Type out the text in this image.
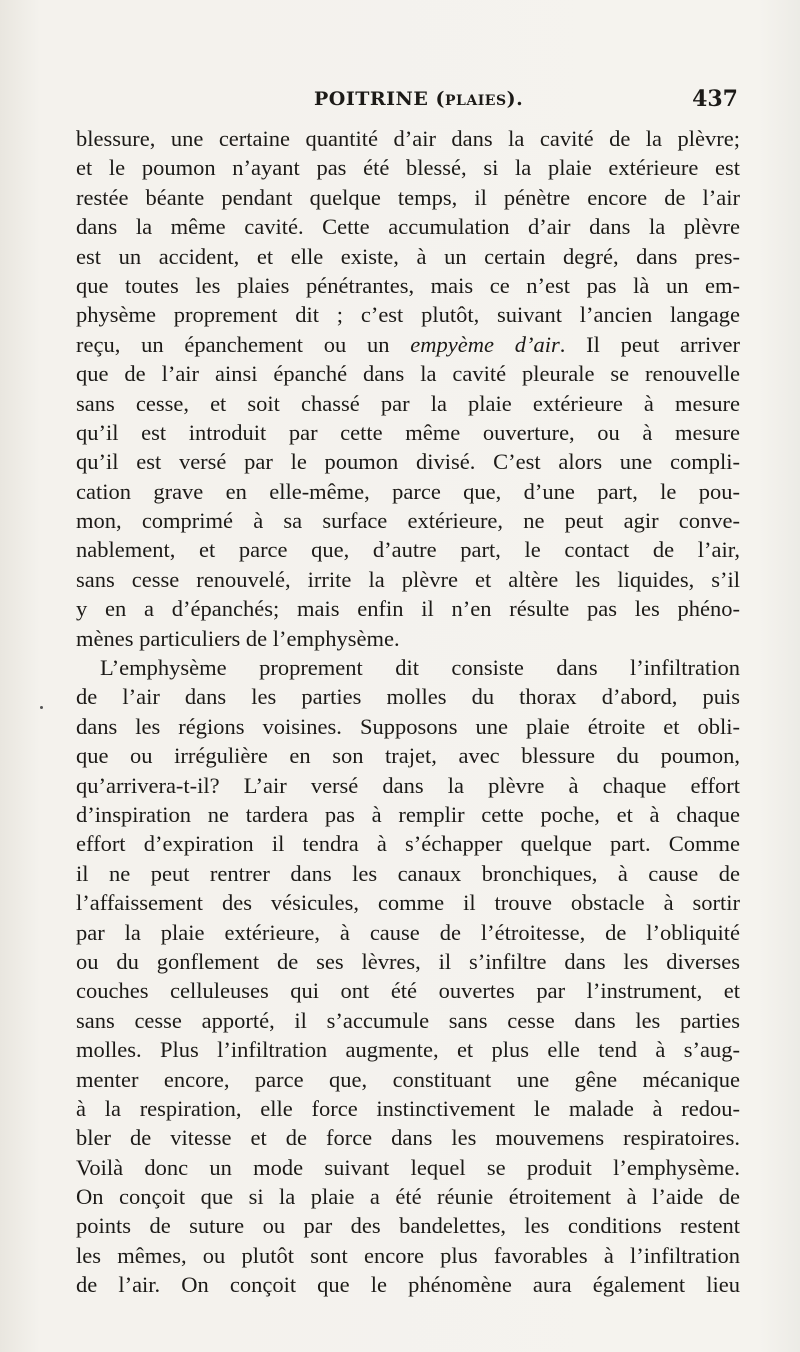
POITRINE (PLAIES).	437
blessure, une certaine quantité d’air dans la cavité de la plèvre;
et le poumon n’ayant pas été blessé, si la plaie extérieure est
restée béante pendant quelque temps, il pénètre encore de l’air
dans la même cavité. Cette accumulation d’air dans la plèvre
est un accident, et elle existe, à un certain degré, dans pres-
que toutes les plaies pénétrantes, mais ce n’est pas là un em-
physème proprement dit ; c’est plutôt, suivant l’ancien langage
reçu, un épanchement ou un empyème d’air. Il peut arriver
que de l’air ainsi épanché dans la cavité pleurale se renouvelle
sans cesse, et soit chassé par la plaie extérieure à mesure
qu’il est introduit par cette même ouverture, ou à mesure
qu’il est versé par le poumon divisé. C’est alors une compli-
cation grave en elle-même, parce que, d’une part, le pou-
mon, comprimé à sa surface extérieure, ne peut agir conve-
nablement, et parce que, d’autre part, le contact de l’air,
sans cesse renouvelé, irrite la plèvre et altère les liquides, s’il
y en a d’épanchés; mais enfin il n’en résulte pas les phéno-
mènes particuliers de l’emphysème.
L’emphysème proprement dit consiste dans l’infiltration
de l’air dans les parties molles du thorax d’abord, puis
dans les régions voisines. Supposons une plaie étroite et obli-
que ou irrégulière en son trajet, avec blessure du poumon,
qu’arrivera-t-il? L’air versé dans la plèvre à chaque effort
d’inspiration ne tardera pas à remplir cette poche, et à chaque
effort d’expiration il tendra à s’échapper quelque part. Comme
il ne peut rentrer dans les canaux bronchiques, à cause de
l’affaissement des vésicules, comme il trouve obstacle à sortir
par la plaie extérieure, à cause de l’étroitesse, de l’obliquité
ou du gonflement de ses lèvres, il s’infiltre dans les diverses
couches celluleuses qui ont été ouvertes par l’instrument, et
sans cesse apporté, il s’accumule sans cesse dans les parties
molles. Plus l’infiltration augmente, et plus elle tend à s’aug-
menter encore, parce que, constituant une gêne mécanique
à la respiration, elle force instinctivement le malade à redou-
bler de vitesse et de force dans les mouvemens respiratoires.
Voilà donc un mode suivant lequel se produit l’emphysème.
On conçoit que si la plaie a été réunie étroitement à l’aide de
points de suture ou par des bandelettes, les conditions restent
les mêmes, ou plutôt sont encore plus favorables à l’infiltration
de l’air. On conçoit que le phénomène aura également lieu
